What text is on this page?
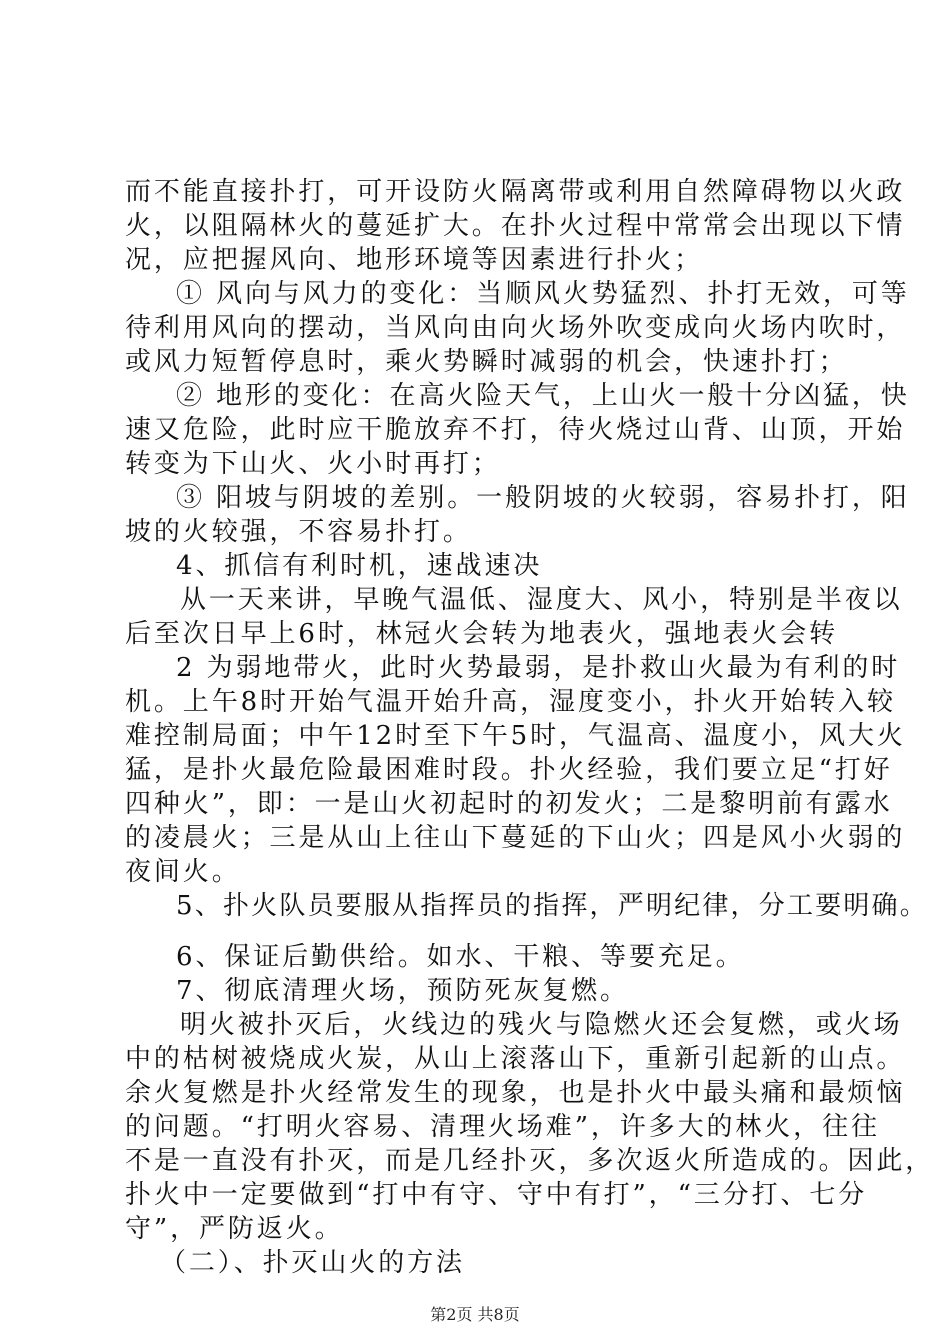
而不能直接扑打，可开设防火隔离带或利用自然障碍物以火政
火，以阻隔林火的蔓延扩大。在扑火过程中常常会出现以下情
况，应把握风向、地形环境等因素进行扑火；
① 风向与风力的变化：当顺风火势猛烈、扑打无效，可等
待利用风向的摆动，当风向由向火场外吹变成向火场内吹时，
或风力短暂停息时，乘火势瞬时减弱的机会，快速扑打；
② 地形的变化：在高火险天气，上山火一般十分凶猛，快
速又危险，此时应干脆放弃不打，待火烧过山背、山顶，开始
转变为下山火、火小时再打；
③ 阳坡与阴坡的差别。一般阴坡的火较弱，容易扑打，阳
坡的火较强，不容易扑打。
4、抓信有利时机，速战速决
从一天来讲，早晚气温低、湿度大、风小，特别是半夜以
后至次日早上6时，林冠火会转为地表火，强地表火会转
2 为弱地带火，此时火势最弱，是扑救山火最为有利的时
机。上午8时开始气温开始升高，湿度变小，扑火开始转入较
难控制局面；中午12时至下午5时，气温高、温度小，风大火
猛，是扑火最危险最困难时段。扑火经验，我们要立足“打好
四种火”，即：一是山火初起时的初发火；二是黎明前有露水
的凌晨火；三是从山上往山下蔓延的下山火；四是风小火弱的
夜间火。
5、扑火队员要服从指挥员的指挥，严明纪律，分工要明确。
6、保证后勤供给。如水、干粮、等要充足。
7、彻底清理火场，预防死灰复燃。
明火被扑灭后，火线边的残火与隐燃火还会复燃，或火场
中的枯树被烧成火炭，从山上滚落山下，重新引起新的山点。
余火复燃是扑火经常发生的现象，也是扑火中最头痛和最烦恼
的问题。“打明火容易、清理火场难”，许多大的林火，往往
不是一直没有扑灭，而是几经扑灭，多次返火所造成的。因此，
扑火中一定要做到“打中有守、守中有打”，“三分打、七分
守”，严防返火。
（二）、扑灭山火的方法
第2页 共8页
